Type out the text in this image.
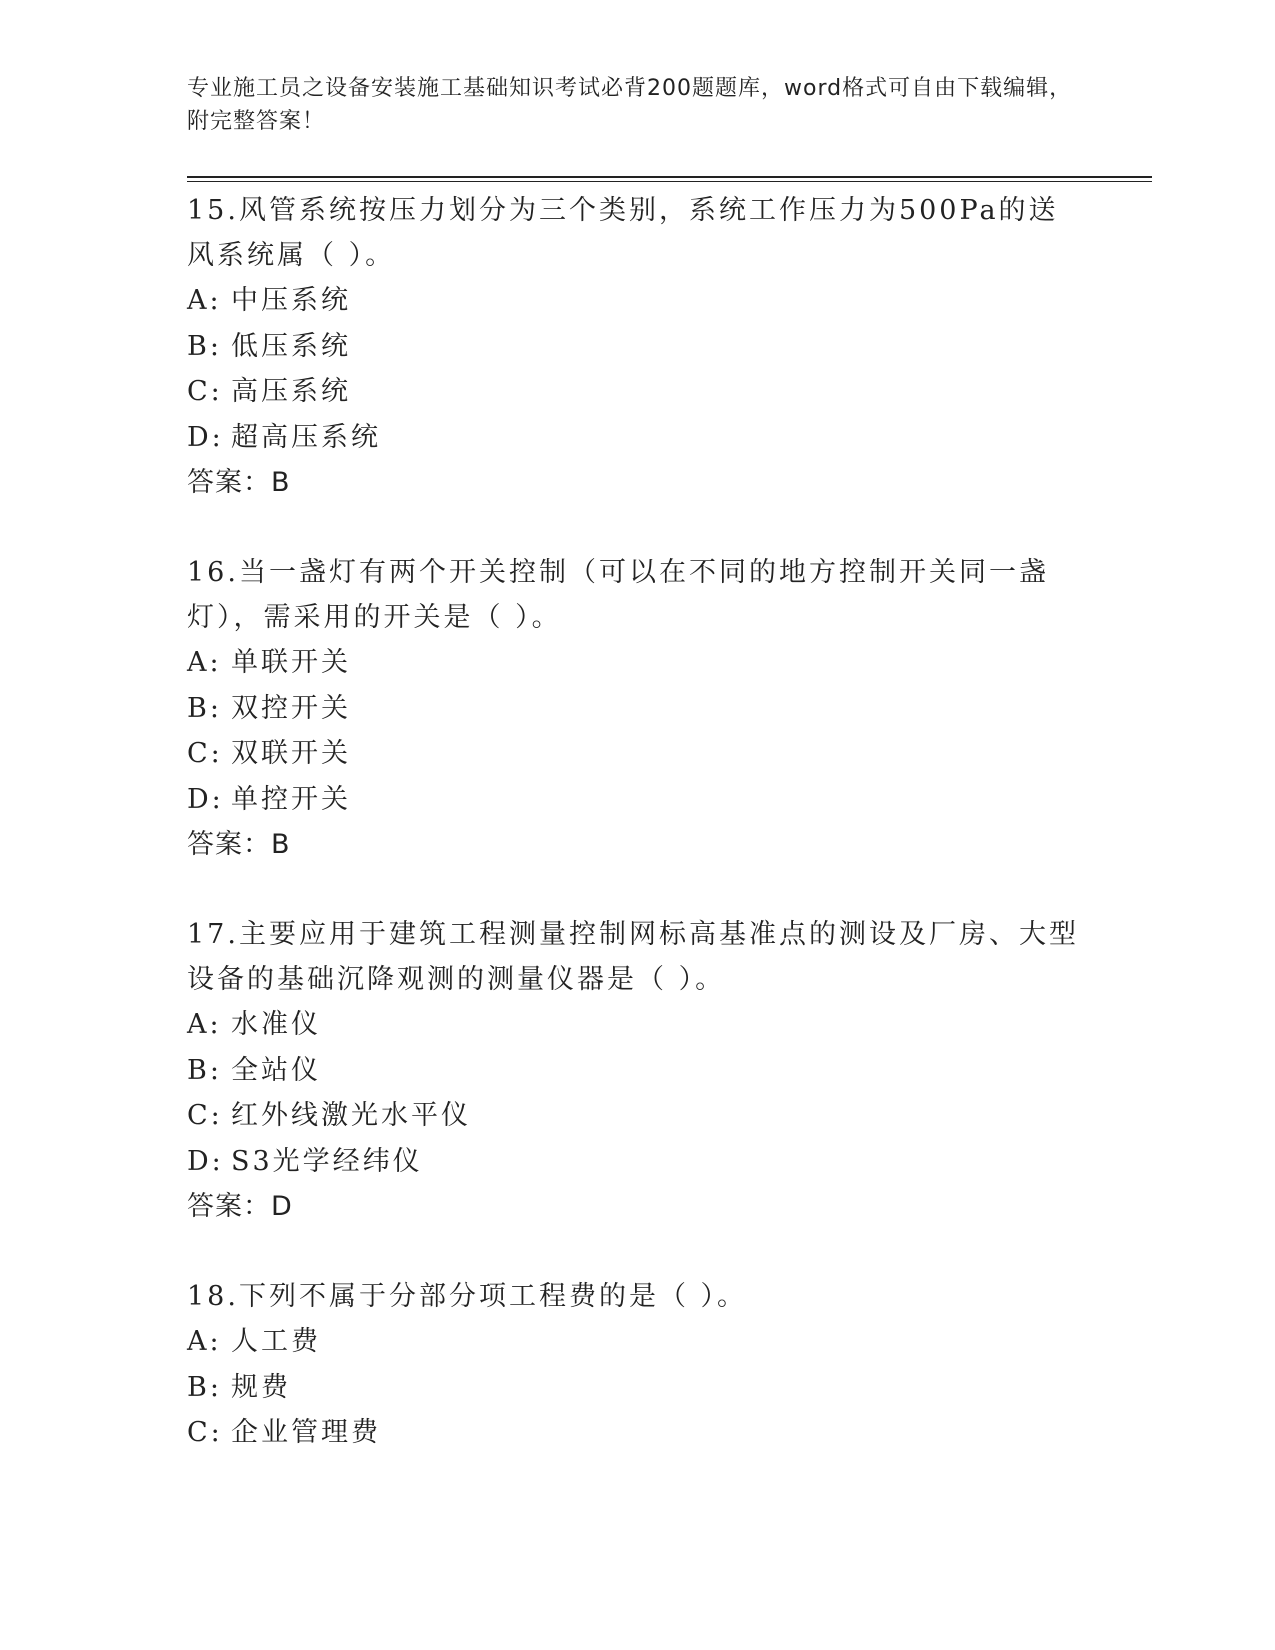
专业施工员之设备安装施工基础知识考试必背200题题库，word格式可自由下载编辑，附完整答案！
15.风管系统按压力划分为三个类别，系统工作压力为500Pa的送风系统属（ ）。
A: 中压系统
B: 低压系统
C: 高压系统
D: 超高压系统
答案：B
16.当一盏灯有两个开关控制（可以在不同的地方控制开关同一盏灯），需采用的开关是（ ）。
A: 单联开关
B: 双控开关
C: 双联开关
D: 单控开关
答案：B
17.主要应用于建筑工程测量控制网标高基准点的测设及厂房、大型设备的基础沉降观测的测量仪器是（ ）。
A: 水准仪
B: 全站仪
C: 红外线激光水平仪
D: S3光学经纬仪
答案：D
18.下列不属于分部分项工程费的是（ ）。
A: 人工费
B: 规费
C: 企业管理费
